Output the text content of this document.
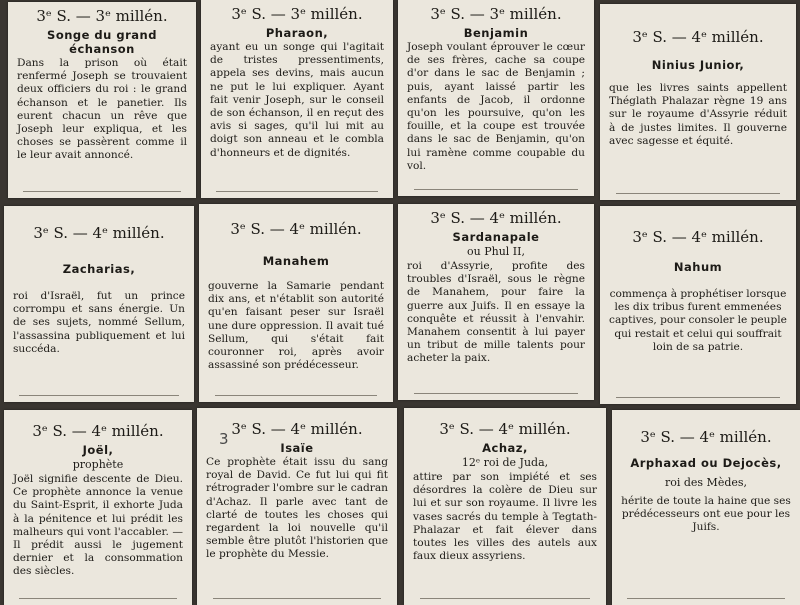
3ᵉ S. — 3ᵉ millén.
Songe du grand échanson

Dans la prison où était renfermé Joseph se trouvaient deux officiers du roi : le grand échanson et le panetier. Ils eurent chacun un rêve que Joseph leur expliqua, et les choses se passèrent comme il le leur avait annoncé.

3ᵉ S. — 3ᵉ millén.
Pharaon,

ayant eu un songe qui l'agitait de tristes pressentiments, appela ses devins, mais aucun ne put le lui expliquer. Ayant fait venir Joseph, sur le conseil de son échanson, il en reçut des avis si sages, qu'il lui mit au doigt son anneau et le combla d'honneurs et de dignités.

3ᵉ S. — 3ᵉ millén.
Benjamin

Joseph voulant éprouver le cœur de ses frères, cache sa coupe d'or dans le sac de Benjamin ; puis, ayant laissé partir les enfants de Jacob, il ordonne qu'on les poursuive, qu'on les fouille, et la coupe est trouvée dans le sac de Benjamin, qu'on lui ramène comme coupable du vol.

3ᵉ S. — 4ᵉ millén.
Ninius Junior,

que les livres saints appellent Théglath Phalazar règne 19 ans sur le royaume d'Assyrie réduit à de justes limites. Il gouverne avec sagesse et équité.

3ᵉ S. — 4ᵉ millén.
Zacharias,

roi d'Israël, fut un prince corrompu et sans énergie. Un de ses sujets, nommé Sellum, l'assassina publiquement et lui succéda.

3ᵉ S. — 4ᵉ millén.
Manahem

gouverne la Samarie pendant dix ans, et n'établit son autorité qu'en faisant peser sur Israël une dure oppression. Il avait tué Sellum, qui s'était fait couronner roi, après avoir assassiné son prédécesseur.

3ᵉ S. — 4ᵉ millén.
Sardanapale
ou Phul II,

roi d'Assyrie, profite des troubles d'Israël, sous le règne de Manahem, pour faire la guerre aux Juifs. Il en essaye la conquête et réussit à l'envahir. Manahem consentit à lui payer un tribut de mille talents pour acheter la paix.

3ᵉ S. — 4ᵉ millén.
Nahum

commença à prophétiser lorsque les dix tribus furent emmenées captives, pour consoler le peuple qui restait et celui qui souffrait loin de sa patrie.

3ᵉ S. — 4ᵉ millén.
Joël,
prophète

Joël signifie descente de Dieu. Ce prophète annonce la venue du Saint-Esprit, il exhorte Juda à la pénitence et lui prédit les malheurs qui vont l'accabler. — Il prédit aussi le jugement dernier et la consommation des siècles.

3ᵉ S. — 4ᵉ millén.
3	Isaïe

Ce prophète était issu du sang royal de David. Ce fut lui qui fit rétrograder l'ombre sur le cadran d'Achaz. Il parle avec tant de clarté de toutes les choses qui regardent la loi nouvelle qu'il semble être plutôt l'historien que le prophète du Messie.

3ᵉ S. — 4ᵉ millén.
Achaz,
12ᵉ roi de Juda,

attire par son impiété et ses désordres la colère de Dieu sur lui et sur son royaume. Il livre les vases sacrés du temple à Tegtath-Phalazar et fait élever dans toutes les villes des autels aux faux dieux assyriens.

3ᵉ S. — 4ᵉ millén.
Arphaxad ou Dejocès,
roi des Mèdes,

hérite de toute la haine que ses prédécesseurs ont eue pour les Juifs.
